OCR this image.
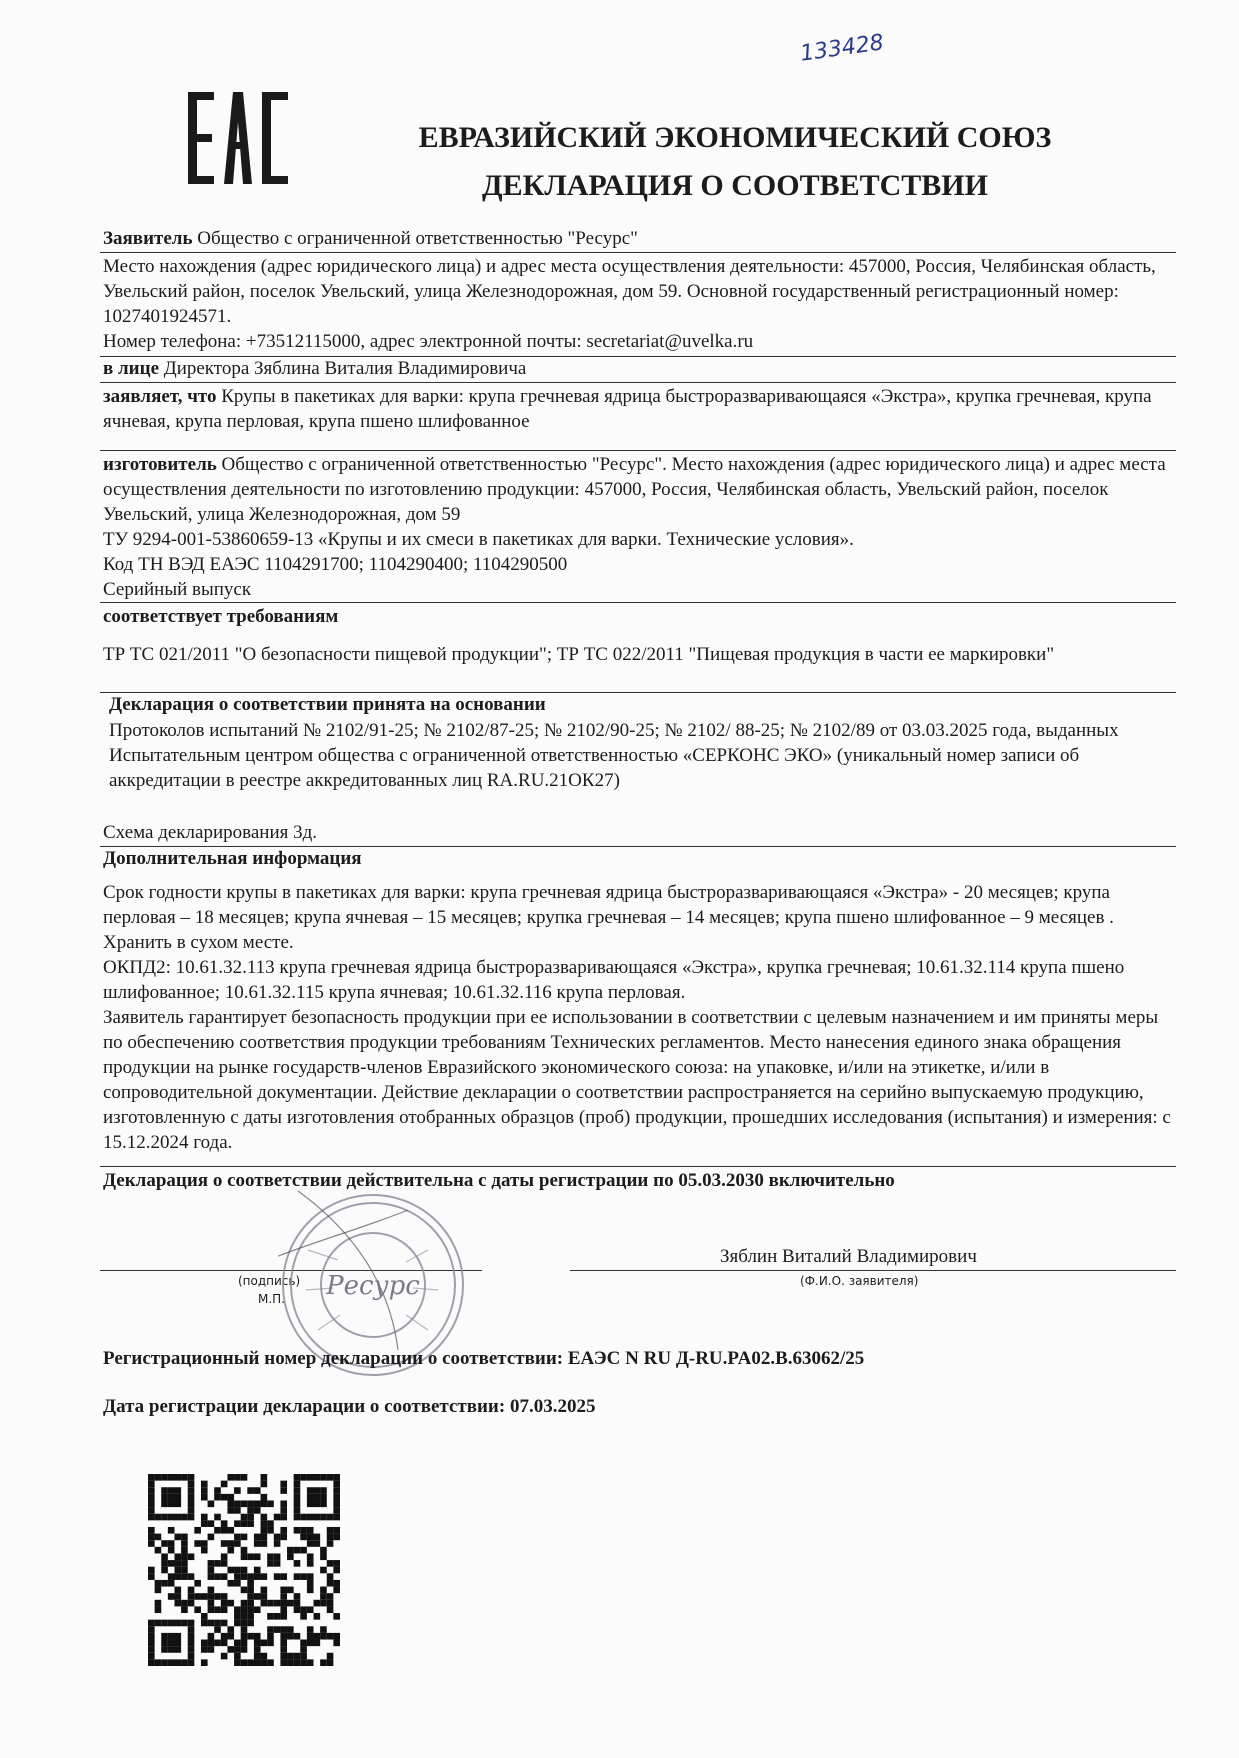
133428
ЕВРАЗИЙСКИЙ ЭКОНОМИЧЕСКИЙ СОЮЗ
ДЕКЛАРАЦИЯ О СООТВЕТСТВИИ
Заявитель Общество с ограниченной ответственностью "Ресурс"
Место нахождения (адрес юридического лица) и адрес места осуществления деятельности: 457000, Россия, Челябинская область, Увельский район, поселок Увельский, улица Железнодорожная, дом 59. Основной государственный регистрационный номер: 1027401924571.
Номер телефона: +73512115000, адрес электронной почты: secretariat@uvelka.ru
в лице Директора Зяблина Виталия Владимировича
заявляет, что Крупы в пакетиках для варки: крупа гречневая ядрица быстроразваривающаяся «Экстра», крупка гречневая, крупа ячневая, крупа перловая, крупа пшено шлифованное
изготовитель Общество с ограниченной ответственностью "Ресурс". Место нахождения (адрес юридического лица) и адрес места осуществления деятельности по изготовлению продукции: 457000, Россия, Челябинская область, Увельский район, поселок Увельский, улица Железнодорожная, дом 59
ТУ 9294-001-53860659-13 «Крупы и их смеси в пакетиках для варки. Технические условия».
Код ТН ВЭД ЕАЭС 1104291700; 1104290400; 1104290500
Серийный выпуск
соответствует требованиям
ТР ТС 021/2011 "О безопасности пищевой продукции"; ТР ТС 022/2011 "Пищевая продукция в части ее маркировки"
Декларация о соответствии принята на основании
Протоколов испытаний № 2102/91-25; № 2102/87-25; № 2102/90-25; № 2102/ 88-25; № 2102/89 от 03.03.2025 года, выданных Испытательным центром общества с ограниченной ответственностью «СЕРКОНС ЭКО» (уникальный номер записи об аккредитации в реестре аккредитованных лиц RA.RU.21ОК27)
Схема декларирования 3д.
Дополнительная информация
Срок годности крупы в пакетиках для варки: крупа гречневая ядрица быстроразваривающаяся «Экстра» - 20 месяцев; крупа перловая – 18 месяцев; крупа ячневая – 15 месяцев; крупка гречневая – 14 месяцев; крупа пшено шлифованное – 9 месяцев . Хранить в сухом месте.
ОКПД2: 10.61.32.113 крупа гречневая ядрица быстроразваривающаяся «Экстра», крупка гречневая; 10.61.32.114 крупа пшено шлифованное; 10.61.32.115 крупа ячневая; 10.61.32.116 крупа перловая.
Заявитель гарантирует безопасность продукции при ее использовании в соответствии с целевым назначением и им приняты меры по обеспечению соответствия продукции требованиям Технических регламентов. Место нанесения единого знака обращения продукции на рынке государств-членов Евразийского экономического союза: на упаковке, и/или на этикетке, и/или в сопроводительной документации. Действие декларации о соответствии распространяется на серийно выпускаемую продукцию, изготовленную с даты изготовления отобранных образцов (проб) продукции, прошедших исследования (испытания) и измерения: с 15.12.2024 года.
Декларация о соответствии действительна с даты регистрации по 05.03.2030 включительно
Зяблин Виталий Владимирович
(подпись)
М.П.
(Ф.И.О. заявителя)
Ресурс
Регистрационный номер декларации о соответствии: ЕАЭС N RU Д-RU.PA02.B.63062/25
Дата регистрации декларации о соответствии: 07.03.2025
